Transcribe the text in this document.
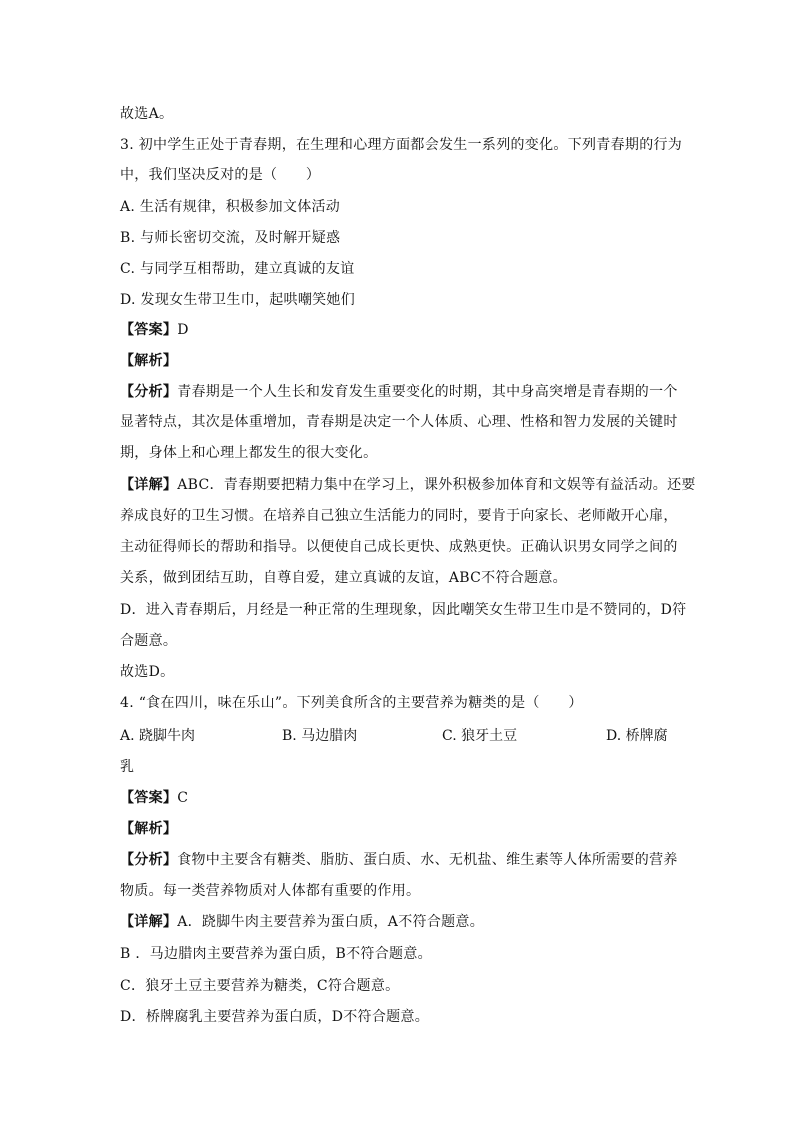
故选A。
3. 初中学生正处于青春期，在生理和心理方面都会发生一系列的变化。下列青春期的行为
中，我们坚决反对的是（　　）
A. 生活有规律，积极参加文体活动
B. 与师长密切交流，及时解开疑惑
C. 与同学互相帮助，建立真诚的友谊
D. 发现女生带卫生巾，起哄嘲笑她们
【答案】D
【解析】
【分析】青春期是一个人生长和发育发生重要变化的时期，其中身高突增是青春期的一个
显著特点，其次是体重增加，青春期是决定一个人体质、心理、性格和智力发展的关键时
期，身体上和心理上都发生的很大变化。
【详解】ABC．青春期要把精力集中在学习上，课外积极参加体育和文娱等有益活动。还要
养成良好的卫生习惯。在培养自己独立生活能力的同时，要肯于向家长、老师敞开心扉，
主动征得师长的帮助和指导。以便使自己成长更快、成熟更快。正确认识男女同学之间的
关系，做到团结互助，自尊自爱，建立真诚的友谊，ABC不符合题意。
D．进入青春期后，月经是一种正常的生理现象，因此嘲笑女生带卫生巾是不赞同的，D符
合题意。
故选D。
4. “食在四川，味在乐山”。下列美食所含的主要营养为糖类的是（　　）
A. 跷脚牛肉	B. 马边腊肉	C. 狼牙土豆	D. 桥牌腐
乳
【答案】C
【解析】
【分析】食物中主要含有糖类、脂肪、蛋白质、水、无机盐、维生素等人体所需要的营养
物质。每一类营养物质对人体都有重要的作用。
【详解】A．跷脚牛肉主要营养为蛋白质，A不符合题意。
B ．马边腊肉主要营养为蛋白质，B不符合题意。
C．狼牙土豆主要营养为糖类，C符合题意。
D．桥牌腐乳主要营养为蛋白质，D不符合题意。
